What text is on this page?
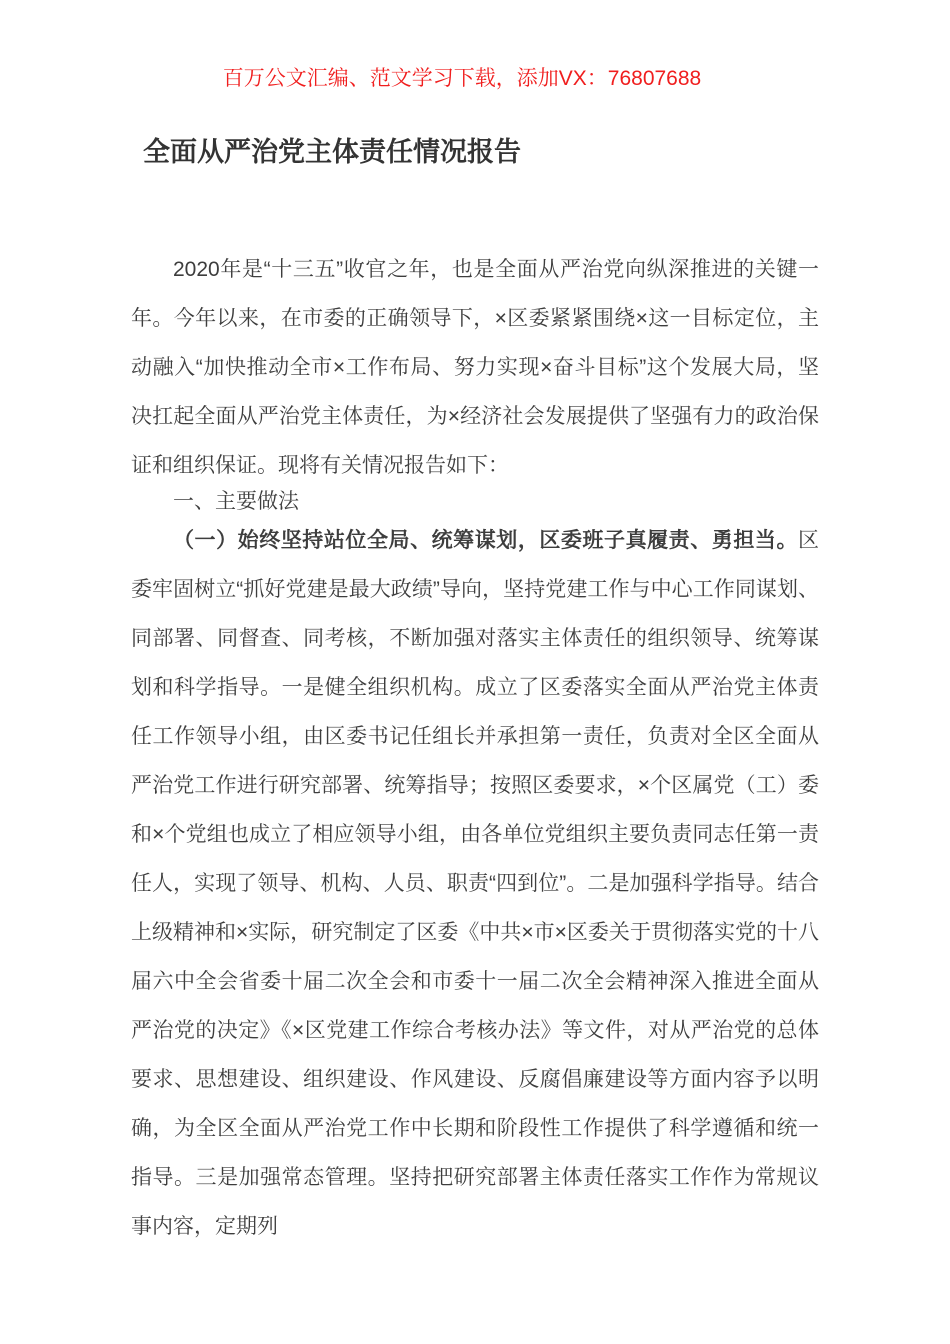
百万公文汇编、范文学习下载，添加VX：76807688
全面从严治党主体责任情况报告

2020年是“十三五”收官之年，也是全面从严治党向纵深推进的关键一年。今年以来，在市委的正确领导下，×区委紧紧围绕×这一目标定位，主动融入“加快推动全市×工作布局、努力实现×奋斗目标”这个发展大局，坚决扛起全面从严治党主体责任，为×经济社会发展提供了坚强有力的政治保证和组织保证。现将有关情况报告如下：

一、主要做法

（一）始终坚持站位全局、统筹谋划，区委班子真履责、勇担当。区委牢固树立“抓好党建是最大政绩”导向，坚持党建工作与中心工作同谋划、同部署、同督查、同考核，不断加强对落实主体责任的组织领导、统筹谋划和科学指导。一是健全组织机构。成立了区委落实全面从严治党主体责任工作领导小组，由区委书记任组长并承担第一责任，负责对全区全面从严治党工作进行研究部署、统筹指导；按照区委要求，×个区属党（工）委和×个党组也成立了相应领导小组，由各单位党组织主要负责同志任第一责任人，实现了领导、机构、人员、职责“四到位”。二是加强科学指导。结合上级精神和×实际，研究制定了区委《中共×市×区委关于贯彻落实党的十八届六中全会省委十届二次全会和市委十一届二次全会精神深入推进全面从严治党的决定》《×区党建工作综合考核办法》等文件，对从严治党的总体要求、思想建设、组织建设、作风建设、反腐倡廉建设等方面内容予以明确，为全区全面从严治党工作中长期和阶段性工作提供了科学遵循和统一指导。三是加强常态管理。坚持把研究部署主体责任落实工作作为常规议事内容，定期列
